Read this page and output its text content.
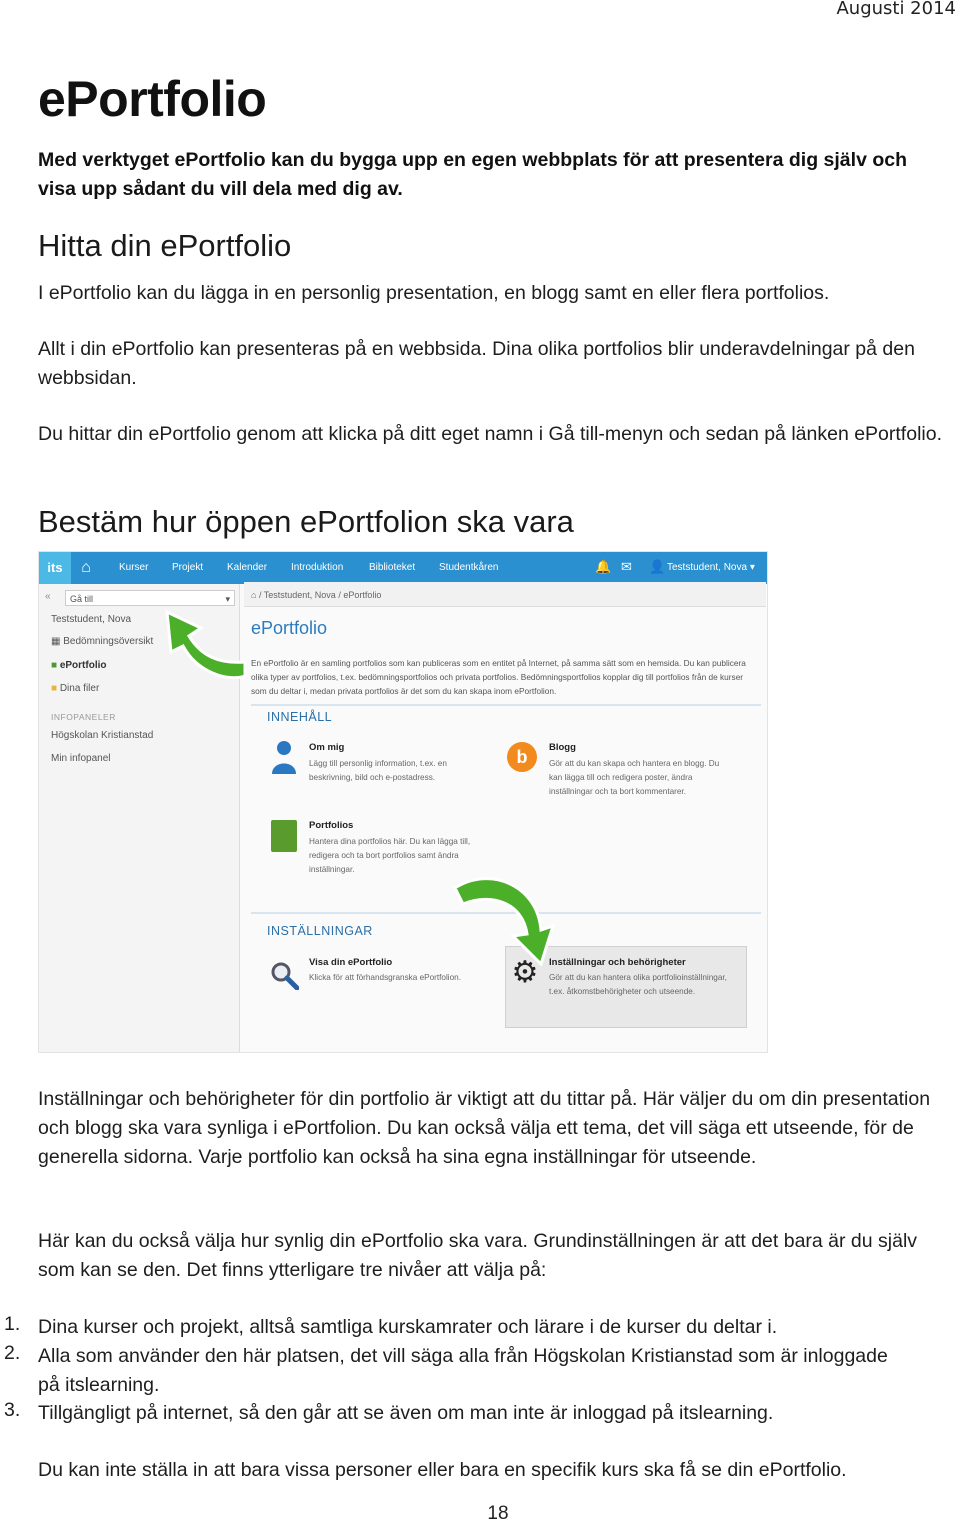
Augusti 2014
ePortfolio
Med verktyget ePortfolio kan du bygga upp en egen webbplats för att presentera dig själv och visa upp sådant du vill dela med dig av.
Hitta din ePortfolio
I ePortfolio kan du lägga in en personlig presentation, en blogg samt en eller flera portfolios.
Allt i din ePortfolio kan presenteras på en webbsida. Dina olika portfolios blir underavdelningar på den webbsidan.
Du hittar din ePortfolio genom att klicka på ditt eget namn i Gå till-menyn och sedan på länken ePortfolio.
Bestäm hur öppen ePortfolion ska vara
its	⌂	Kurser Projekt Kalender Introduktion	Biblioteket Studentkåren	🔔 ✉ 👤 Teststudent, Nova ▾
«	Gå till	▾
Teststudent, Nova
▦ Bedömningsöversikt
■ ePortfolio
■ Dina filer
INFOPANELER
Högskolan Kristianstad
Min infopanel
⌂ / Teststudent, Nova / ePortfolio
ePortfolio
En ePortfolio är en samling portfolios som kan publiceras som en entitet på Internet, på samma sätt som en hemsida. Du kan publicera olika typer av portfolios, t.ex. bedömningsportfolios och privata portfolios. Bedömningsportfolios kopplar dig till portfolios från de kurser som du deltar i, medan privata portfolios är det som du kan skapa inom ePortfolion.
INNEHÅLL
Om mig
Lägg till personlig information, t.ex. en beskrivning, bild och e-postadress.
b	Blogg
Gör att du kan skapa och hantera en blogg. Du kan lägga till och redigera poster, ändra inställningar och ta bort kommentarer.
Portfolios
Hantera dina portfolios här. Du kan lägga till, redigera och ta bort portfolios samt ändra inställningar.
INSTÄLLNINGAR
Visa din ePortfolio
Klicka för att förhandsgranska ePortfolion.	⚙ Inställningar och behörigheter
Gör att du kan hantera olika portfolioinställningar, t.ex. åtkomstbehörigheter och utseende.
Inställningar och behörigheter för din portfolio är viktigt att du tittar på. Här väljer du om din presentation och blogg ska vara synliga i ePortfolion. Du kan också välja ett tema, det vill säga ett utseende, för de generella sidorna. Varje portfolio kan också ha sina egna inställningar för utseende.
Här kan du också välja hur synlig din ePortfolio ska vara. Grundinställningen är att det bara är du själv som kan se den. Det finns ytterligare tre nivåer att välja på:
1. Dina kurser och projekt, alltså samtliga kurskamrater och lärare i de kurser du deltar i.
2. Alla som använder den här platsen, det vill säga alla från Högskolan Kristianstad som är inloggade på itslearning.
3. Tillgängligt på internet, så den går att se även om man inte är inloggad på itslearning.
Du kan inte ställa in att bara vissa personer eller bara en specifik kurs ska få se din ePortfolio.
18
